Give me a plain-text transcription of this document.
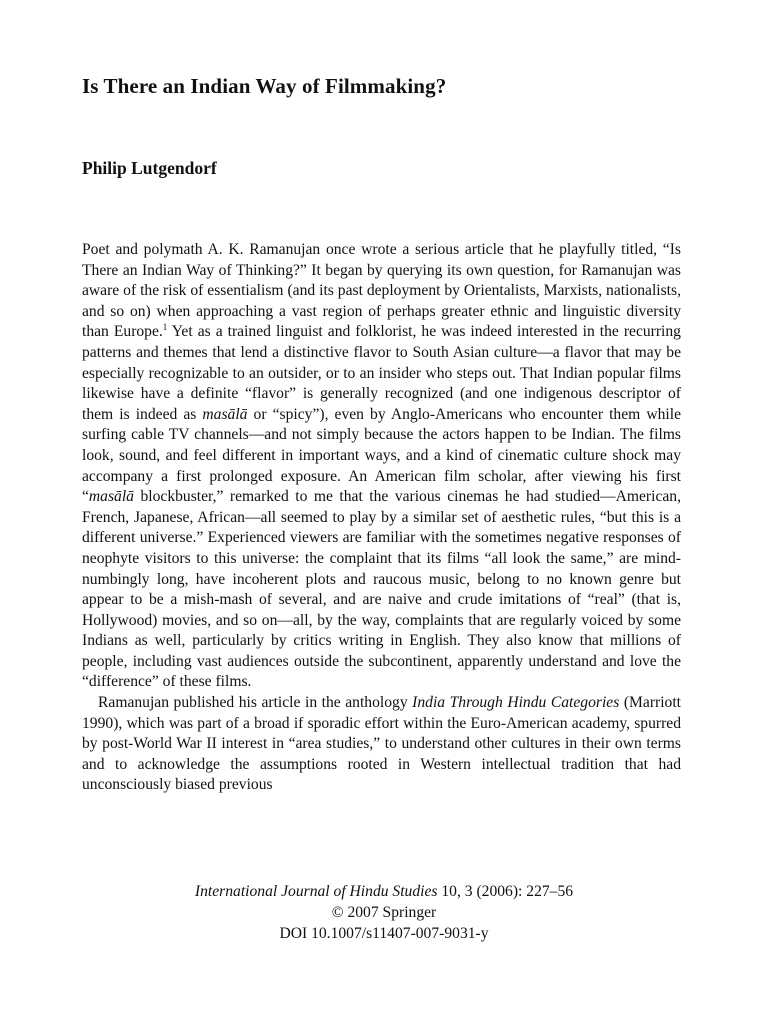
Is There an Indian Way of Filmmaking?
Philip Lutgendorf

Poet and polymath A. K. Ramanujan once wrote a serious article that he playfully titled, “Is There an Indian Way of Thinking?” It began by querying its own question, for Ramanujan was aware of the risk of essentialism (and its past deployment by Orientalists, Marxists, nationalists, and so on) when approaching a vast region of perhaps greater ethnic and linguistic diversity than Europe.$^1$ Yet as a trained linguist and folklorist, he was indeed interested in the recurring patterns and themes that lend a distinctive flavor to South Asian culture—a flavor that may be especially recognizable to an outsider, or to an insider who steps out. That Indian popular films likewise have a definite “flavor” is generally recognized (and one indigenous descriptor of them is indeed as masālā or “spicy”), even by Anglo-Americans who encounter them while surfing cable TV channels—and not simply because the actors happen to be Indian. The films look, sound, and feel different in important ways, and a kind of cinematic culture shock may accompany a first prolonged exposure. An American film scholar, after viewing his first “masālā blockbuster,” remarked to me that the various cinemas he had studied—American, French, Japanese, African—all seemed to play by a similar set of aesthetic rules, “but this is a different universe.” Experienced viewers are familiar with the sometimes negative responses of neophyte visitors to this universe: the complaint that its films “all look the same,” are mind-numbingly long, have incoherent plots and raucous music, belong to no known genre but appear to be a mish-mash of several, and are naive and crude imitations of “real” (that is, Hollywood) movies, and so on—all, by the way, complaints that are regularly voiced by some Indians as well, particularly by critics writing in English. They also know that millions of people, including vast audiences outside the subcontinent, apparently understand and love the “difference” of these films.

Ramanujan published his article in the anthology India Through Hindu Categories (Marriott 1990), which was part of a broad if sporadic effort within the Euro-American academy, spurred by post-World War II interest in “area studies,” to understand other cultures in their own terms and to acknowledge the assumptions rooted in Western intellectual tradition that had unconsciously biased previous

International Journal of Hindu Studies 10, 3 (2006): 227–56
© 2007 Springer
DOI 10.1007/s11407-007-9031-y
